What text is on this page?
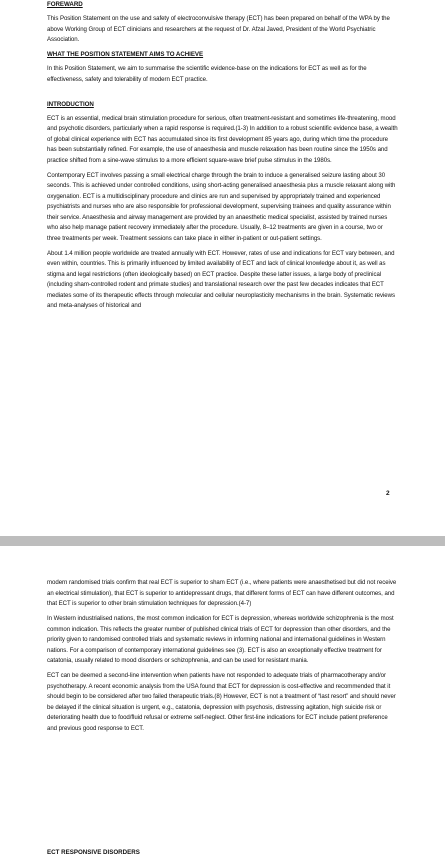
FOREWARD

This Position Statement on the use and safety of electroconvulsive therapy (ECT) has been prepared on behalf of the WPA by the above Working Group of ECT clinicians and researchers at the request of Dr. Afzal Javed, President of the World Psychiatric Association.

WHAT THE POSITION STATEMENT AIMS TO ACHIEVE

In this Position Statement, we aim to summarise the scientific evidence-base on the indications for ECT as well as for the effectiveness, safety and tolerability of modern ECT practice.

INTRODUCTION

ECT is an essential, medical brain stimulation procedure for serious, often treatment-resistant and sometimes life-threatening, mood and psychotic disorders, particularly when a rapid response is required.(1-3) In addition to a robust scientific evidence base, a wealth of global clinical experience with ECT has accumulated since its first development 85 years ago, during which time the procedure has been substantially refined. For example, the use of anaesthesia and muscle relaxation has been routine since the 1950s and practice shifted from a sine-wave stimulus to a more efficient square-wave brief pulse stimulus in the 1980s.

Contemporary ECT involves passing a small electrical charge through the brain to induce a generalised seizure lasting about 30 seconds. This is achieved under controlled conditions, using short-acting generalised anaesthesia plus a muscle relaxant along with oxygenation. ECT is a multidisciplinary procedure and clinics are run and supervised by appropriately trained and experienced psychiatrists and nurses who are also responsible for professional development, supervising trainees and quality assurance within their service. Anaesthesia and airway management are provided by an anaesthetic medical specialist, assisted by trained nurses who also help manage patient recovery immediately after the procedure. Usually, 8–12 treatments are given in a course, two or three treatments per week. Treatment sessions can take place in either in-patient or out-patient settings.

About 1.4 million people worldwide are treated annually with ECT. However, rates of use and indications for ECT vary between, and even within, countries. This is primarily influenced by limited availability of ECT and lack of clinical knowledge about it, as well as stigma and legal restrictions (often ideologically based) on ECT practice. Despite these latter issues, a large body of preclinical (including sham-controlled rodent and primate studies) and translational research over the past few decades indicates that ECT mediates some of its therapeutic effects through molecular and cellular neuroplasticity mechanisms in the brain. Systematic reviews and meta-analyses of historical and

2

modern randomised trials confirm that real ECT is superior to sham ECT (i.e., where patients were anaesthetised but did not receive an electrical stimulation), that ECT is superior to antidepressant drugs, that different forms of ECT can have different outcomes, and that ECT is superior to other brain stimulation techniques for depression.(4-7)

In Western industrialised nations, the most common indication for ECT is depression, whereas worldwide schizophrenia is the most common indication. This reflects the greater number of published clinical trials of ECT for depression than other disorders, and the priority given to randomised controlled trials and systematic reviews in informing national and international guidelines in Western nations. For a comparison of contemporary international guidelines see (3). ECT is also an exceptionally effective treatment for catatonia, usually related to mood disorders or schizophrenia, and can be used for resistant mania.

ECT can be deemed a second-line intervention when patients have not responded to adequate trials of pharmacotherapy and/or psychotherapy. A recent economic analysis from the USA found that ECT for depression is cost-effective and recommended that it should begin to be considered after two failed therapeutic trials.(8) However, ECT is not a treatment of “last resort” and should never be delayed if the clinical situation is urgent, e.g., catatonia, depression with psychosis, distressing agitation, high suicide risk or deteriorating health due to food/fluid refusal or extreme self-neglect. Other first-line indications for ECT include patient preference and previous good response to ECT.

ECT RESPONSIVE DISORDERS
